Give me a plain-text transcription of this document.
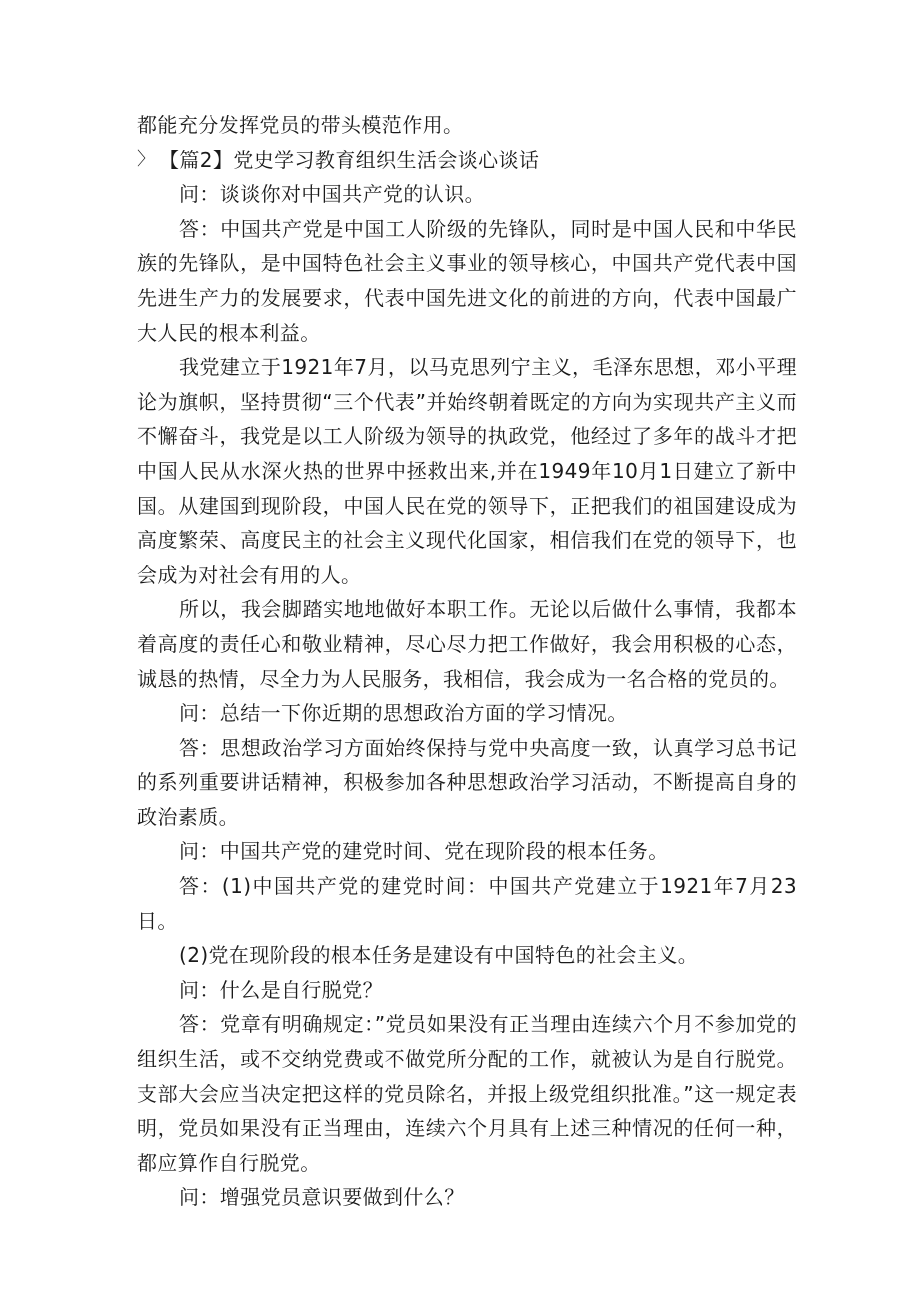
都能充分发挥党员的带头模范作用。

〉 【篇2】党史学习教育组织生活会谈心谈话

问：谈谈你对中国共产党的认识。

答：中国共产党是中国工人阶级的先锋队，同时是中国人民和中华民族的先锋队，是中国特色社会主义事业的领导核心，中国共产党代表中国先进生产力的发展要求，代表中国先进文化的前进的方向，代表中国最广大人民的根本利益。

我党建立于1921年7月，以马克思列宁主义，毛泽东思想，邓小平理论为旗帜，坚持贯彻“三个代表”并始终朝着既定的方向为实现共产主义而不懈奋斗，我党是以工人阶级为领导的执政党，他经过了多年的战斗才把中国人民从水深火热的世界中拯救出来,并在1949年10月1日建立了新中国。从建国到现阶段，中国人民在党的领导下，正把我们的祖国建设成为高度繁荣、高度民主的社会主义现代化国家，相信我们在党的领导下，也会成为对社会有用的人。

所以，我会脚踏实地地做好本职工作。无论以后做什么事情，我都本着高度的责任心和敬业精神，尽心尽力把工作做好，我会用积极的心态，诚恳的热情，尽全力为人民服务，我相信，我会成为一名合格的党员的。

问：总结一下你近期的思想政治方面的学习情况。

答：思想政治学习方面始终保持与党中央高度一致，认真学习总书记的系列重要讲话精神，积极参加各种思想政治学习活动，不断提高自身的政治素质。

问：中国共产党的建党时间、党在现阶段的根本任务。

答：(1)中国共产党的建党时间：中国共产党建立于1921年7月23日。

(2)党在现阶段的根本任务是建设有中国特色的社会主义。

问：什么是自行脱党？

答：党章有明确规定：”党员如果没有正当理由连续六个月不参加党的组织生活，或不交纳党费或不做党所分配的工作，就被认为是自行脱党。支部大会应当决定把这样的党员除名，并报上级党组织批准。”这一规定表明，党员如果没有正当理由，连续六个月具有上述三种情况的任何一种，都应算作自行脱党。

问：增强党员意识要做到什么？
